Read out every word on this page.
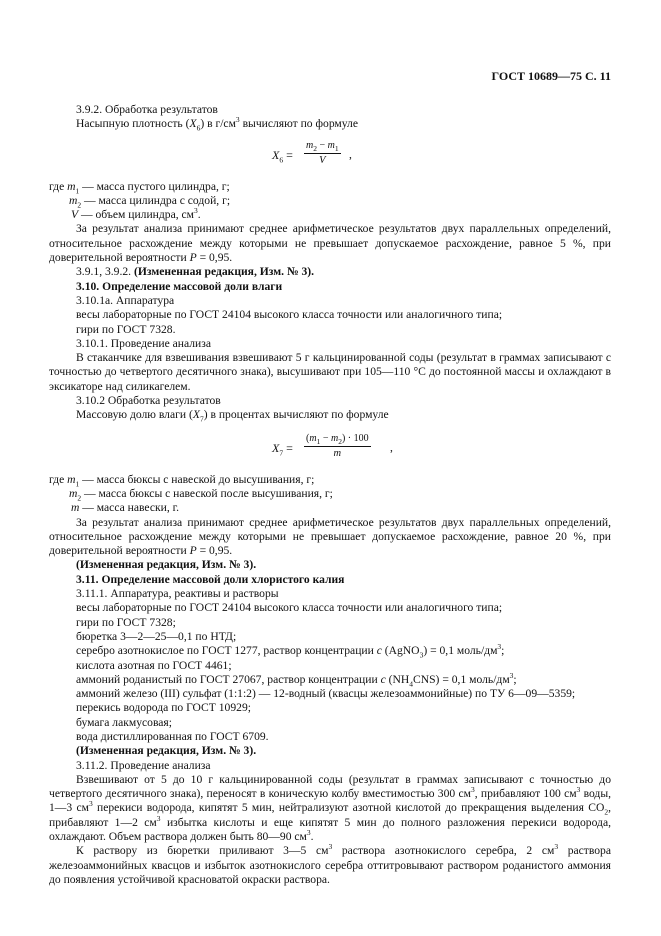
ГОСТ 10689—75 С. 11

3.9.2. Обработка результатов

Насыпную плотность $(X_6)$ в $г/см^3$ вычисляют по формуле

$X_6 = \frac{m_2 - m_1}{V}$ ,

где $m_1$ — масса пустого цилиндра, г;

$m_2$ — масса цилиндра с содой, г;

V — объем цилиндра, $см^3$.

За результат анализа принимают среднее арифметическое результатов двух параллельных определений, относительное расхождение между которыми не превышает допускаемое расхождение, равное 5 %, при доверительной вероятности P = 0,95.

3.9.1, 3.9.2. (Измененная редакция, Изм. № 3).

3.10. Определение массовой доли влаги

3.10.1а. Аппаратура

весы лабораторные по ГОСТ 24104 высокого класса точности или аналогичного типа;

гири по ГОСТ 7328.

3.10.1. Проведение анализа

В стаканчике для взвешивания взвешивают 5 г кальцинированной соды (результат в граммах записывают с точностью до четвертого десятичного знака), высушивают при 105—110 °С до постоянной массы и охлаждают в эксикаторе над силикагелем.

3.10.2 Обработка результатов

Массовую долю влаги $(X_7)$ в процентах вычисляют по формуле

$X_7 = \frac{(m_1 - m_2) \cdot 100}{m}$ ,

где $m_1$ — масса бюксы с навеской до высушивания, г;

$m_2$ — масса бюксы с навеской после высушивания, г;

m — масса навески, г.

За результат анализа принимают среднее арифметическое результатов двух параллельных определений, относительное расхождение между которыми не превышает допускаемое расхождение, равное 20 %, при доверительной вероятности P = 0,95.

(Измененная редакция, Изм. № 3).

3.11. Определение массовой доли хлористого калия

3.11.1. Аппаратура, реактивы и растворы

весы лабораторные по ГОСТ 24104 высокого класса точности или аналогичного типа;

гири по ГОСТ 7328;

бюретка 3—2—25—0,1 по НТД;

серебро азотнокислое по ГОСТ 1277, раствор концентрации c (AgNO$_3$) = 0,1 моль/$дм^3$;

кислота азотная по ГОСТ 4461;

аммоний роданистый по ГОСТ 27067, раствор концентрации c $(NH_4CNS) = 0,1$ моль/$дм^3$;

аммоний железо (III) сульфат (1:1:2) — 12-водный (квасцы железоаммонийные) по ТУ 6—09—5359;

перекись водорода по ГОСТ 10929;

бумага лакмусовая;

вода дистиллированная по ГОСТ 6709.

(Измененная редакция, Изм. № 3).

3.11.2. Проведение анализа

Взвешивают от 5 до 10 г кальцинированной соды (результат в граммах записывают с точностью до четвертого десятичного знака), переносят в коническую колбу вместимостью 300 $см^3$, прибавляют 100 $см^3$ воды, 1—3 $см^3$ перекиси водорода, кипятят 5 мин, нейтрализуют азотной кислотой до прекращения выделения $CO_2$, прибавляют 1—2 $см^3$ избытка кислоты и еще кипятят 5 мин до полного разложения перекиси водорода, охлаждают. Объем раствора должен быть 80—90 $см^3$.

К раствору из бюретки приливают 3—5 $см^3$ раствора азотнокислого серебра, 2 $см^3$ раствора железоаммонийных квасцов и избыток азотнокислого серебра оттитровывают раствором роданистого аммония до появления устойчивой красноватой окраски раствора.
